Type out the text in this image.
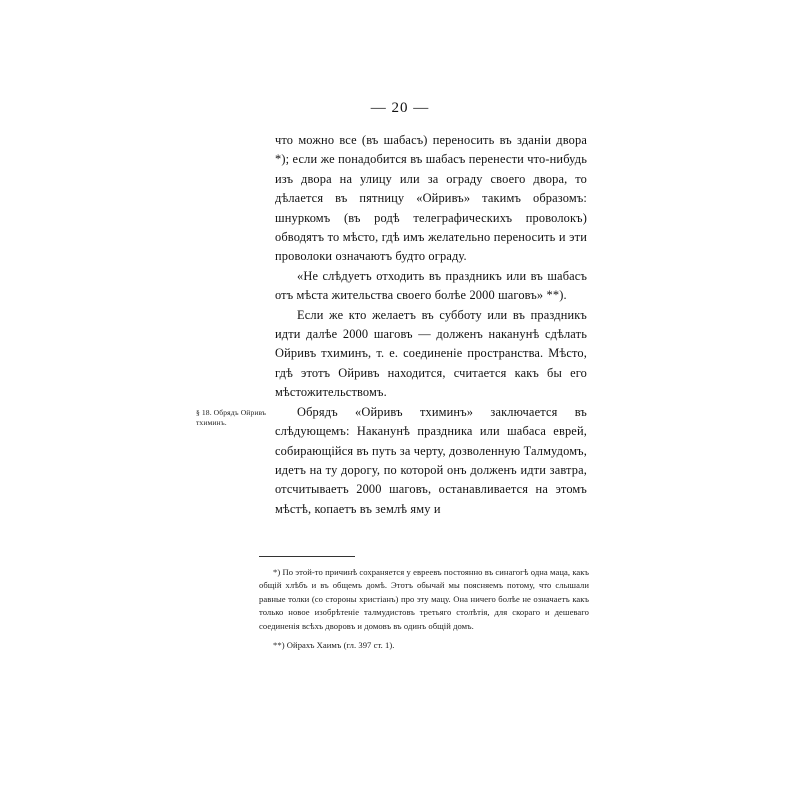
— 20 —

что можно все (въ шабасъ) переносить въ зданіи двора *); если же понадобится въ шабасъ перенести что-нибудь изъ двора на улицу или за ограду своего двора, то дѣлается въ пятницу «Ойривъ» такимъ образомъ: шнуркомъ (въ родѣ телеграфическихъ проволокъ) обводятъ то мѣсто, гдѣ имъ желательно переносить и эти проволоки означаютъ будто ограду.

«Не слѣдуетъ отходить въ праздникъ или въ шабасъ отъ мѣста жительства своего болѣе 2000 шаговъ» **).

Если же кто желаетъ въ субботу или въ праздникъ идти далѣе 2000 шаговъ — долженъ наканунѣ сдѣлать Ойривъ тхиминъ, т. е. соединеніе пространства. Мѣсто, гдѣ этотъ Ойривъ находится, считается какъ бы его мѣстожительствомъ.

Обрядъ «Ойривъ тхиминъ» заключается въ слѣдующемъ: Наканунѣ праздника или шабаса еврей, собирающійся въ путь за черту, дозволенную Талмудомъ, идетъ на ту дорогу, по которой онъ долженъ идти завтра, отсчитываетъ 2000 шаговъ, останавливается на этомъ мѣстѣ, копаетъ въ землѣ яму и

§ 18. Обрядъ Ойривъ тхиминъ.

*) По этой-то причинѣ сохраняется у евреевъ постоянно въ синагогѣ одна маца, какъ общій хлѣбъ и въ общемъ домѣ. Этотъ обычай мы поясняемъ потому, что слышали равные толки (со стороны христіанъ) про эту мацу. Она ничего болѣе не означаетъ какъ только новое изобрѣтеніе талмудистовъ третьяго столѣтія, для скораго и дешеваго соединенія всѣхъ дворовъ и домовъ въ одинъ общій домъ.

**) Ойрахъ Хаимъ (гл. 397 ст. 1).
